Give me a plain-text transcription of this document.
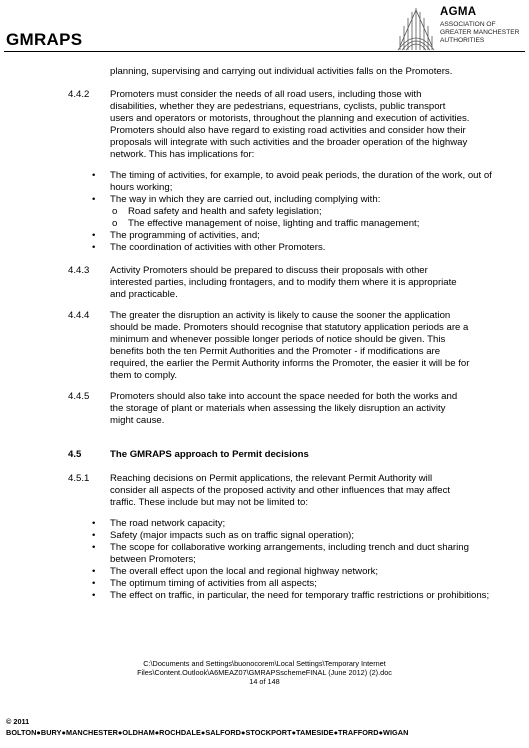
GMRAPS
AGMA
ASSOCIATION OF
GREATER MANCHESTER
AUTHORITIES
planning, supervising and carrying out individual activities falls on the Promoters.
4.4.2	Promoters must consider the needs of all road users, including those with disabilities, whether they are pedestrians, equestrians, cyclists, public transport users and operators or motorists, throughout the planning and execution of activities. Promoters should also have regard to existing road activities and consider how their proposals will integrate with such activities and the broader operation of the highway network. This has implications for:
• The timing of activities, for example, to avoid peak periods, the duration of the work, out of hours working;
• The way in which they are carried out, including complying with:
o Road safety and health and safety legislation;
o The effective management of noise, lighting and traffic management;
• The programming of activities, and;
• The coordination of activities with other Promoters.
4.4.3	Activity Promoters should be prepared to discuss their proposals with other interested parties, including frontagers, and to modify them where it is appropriate and practicable.
4.4.4	The greater the disruption an activity is likely to cause the sooner the application should be made. Promoters should recognise that statutory application periods are a minimum and whenever possible longer periods of notice should be given. This benefits both the ten Permit Authorities and the Promoter - if modifications are required, the earlier the Permit Authority informs the Promoter, the easier it will be for them to comply.
4.4.5	Promoters should also take into account the space needed for both the works and the storage of plant or materials when assessing the likely disruption an activity might cause.
4.5	The GMRAPS approach to Permit decisions
4.5.1	Reaching decisions on Permit applications, the relevant Permit Authority will consider all aspects of the proposed activity and other influences that may affect traffic. These include but may not be limited to:
• The road network capacity;
• Safety (major impacts such as on traffic signal operation);
• The scope for collaborative working arrangements, including trench and duct sharing between Promoters;
• The overall effect upon the local and regional highway network;
• The optimum timing of activities from all aspects;
• The effect on traffic, in particular, the need for temporary traffic restrictions or prohibitions;
C:\Documents and Settings\buonocorem\Local Settings\Temporary Internet
Files\Content.Outlook\A6MEAZ07\GMRAPSschemeFINAL (June 2012) (2).doc
14 of 148
© 2011
BOLTON●BURY●MANCHESTER●OLDHAM●ROCHDALE●SALFORD●STOCKPORT●TAMESIDE●TRAFFORD●WIGAN
